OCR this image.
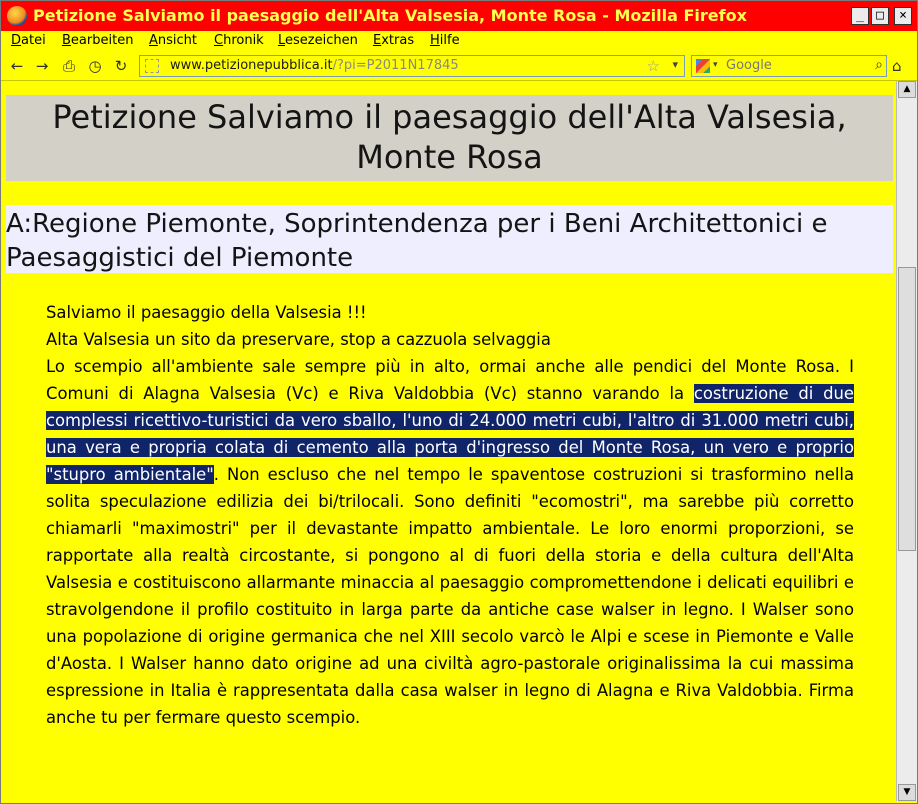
Petizione Salviamo il paesaggio dell'Alta Valsesia, Monte Rosa - Mozilla Firefox	_ □	×
Datei Bearbeiten Ansicht Chronik Lesezeichen Extras Hilfe
← → ⎙ ◷ ↻	www.petizionepubblica.it/?pi=P2011N17845	☆ ▾	▾ Google	⌕ ⌂
Petizione Salviamo il paesaggio dell'Alta Valsesia, Monte Rosa
A:Regione Piemonte, Soprintendenza per i Beni Architettonici e Paesaggistici del Piemonte

Salviamo il paesaggio della Valsesia !!!

Alta Valsesia un sito da preservare, stop a cazzuola selvaggia

Lo scempio all'ambiente sale sempre più in alto, ormai anche alle pendici del Monte Rosa. I Comuni di Alagna Valsesia (Vc) e Riva Valdobbia (Vc) stanno varando la costruzione di due complessi ricettivo-turistici da vero sballo, l'uno di 24.000 metri cubi, l'altro di 31.000 metri cubi, una vera e propria colata di cemento alla porta d'ingresso del Monte Rosa, un vero e proprio "stupro ambientale". Non escluso che nel tempo le spaventose costruzioni si trasformino nella solita speculazione edilizia dei bi/trilocali. Sono definiti "ecomostri", ma sarebbe più corretto chiamarli "maximostri" per il devastante impatto ambientale. Le loro enormi proporzioni, se rapportate alla realtà circostante, si pongono al di fuori della storia e della cultura dell'Alta Valsesia e costituiscono allarmante minaccia al paesaggio compromettendone i delicati equilibri e stravolgendone il profilo costituito in larga parte da antiche case walser in legno. I Walser sono una popolazione di origine germanica che nel XIII secolo varcò le Alpi e scese in Piemonte e Valle d'Aosta. I Walser hanno dato origine ad una civiltà agro-pastorale originalissima la cui massima espressione in Italia è rappresentata dalla casa walser in legno di Alagna e Riva Valdobbia. Firma anche tu per fermare questo scempio.

▲
▼
